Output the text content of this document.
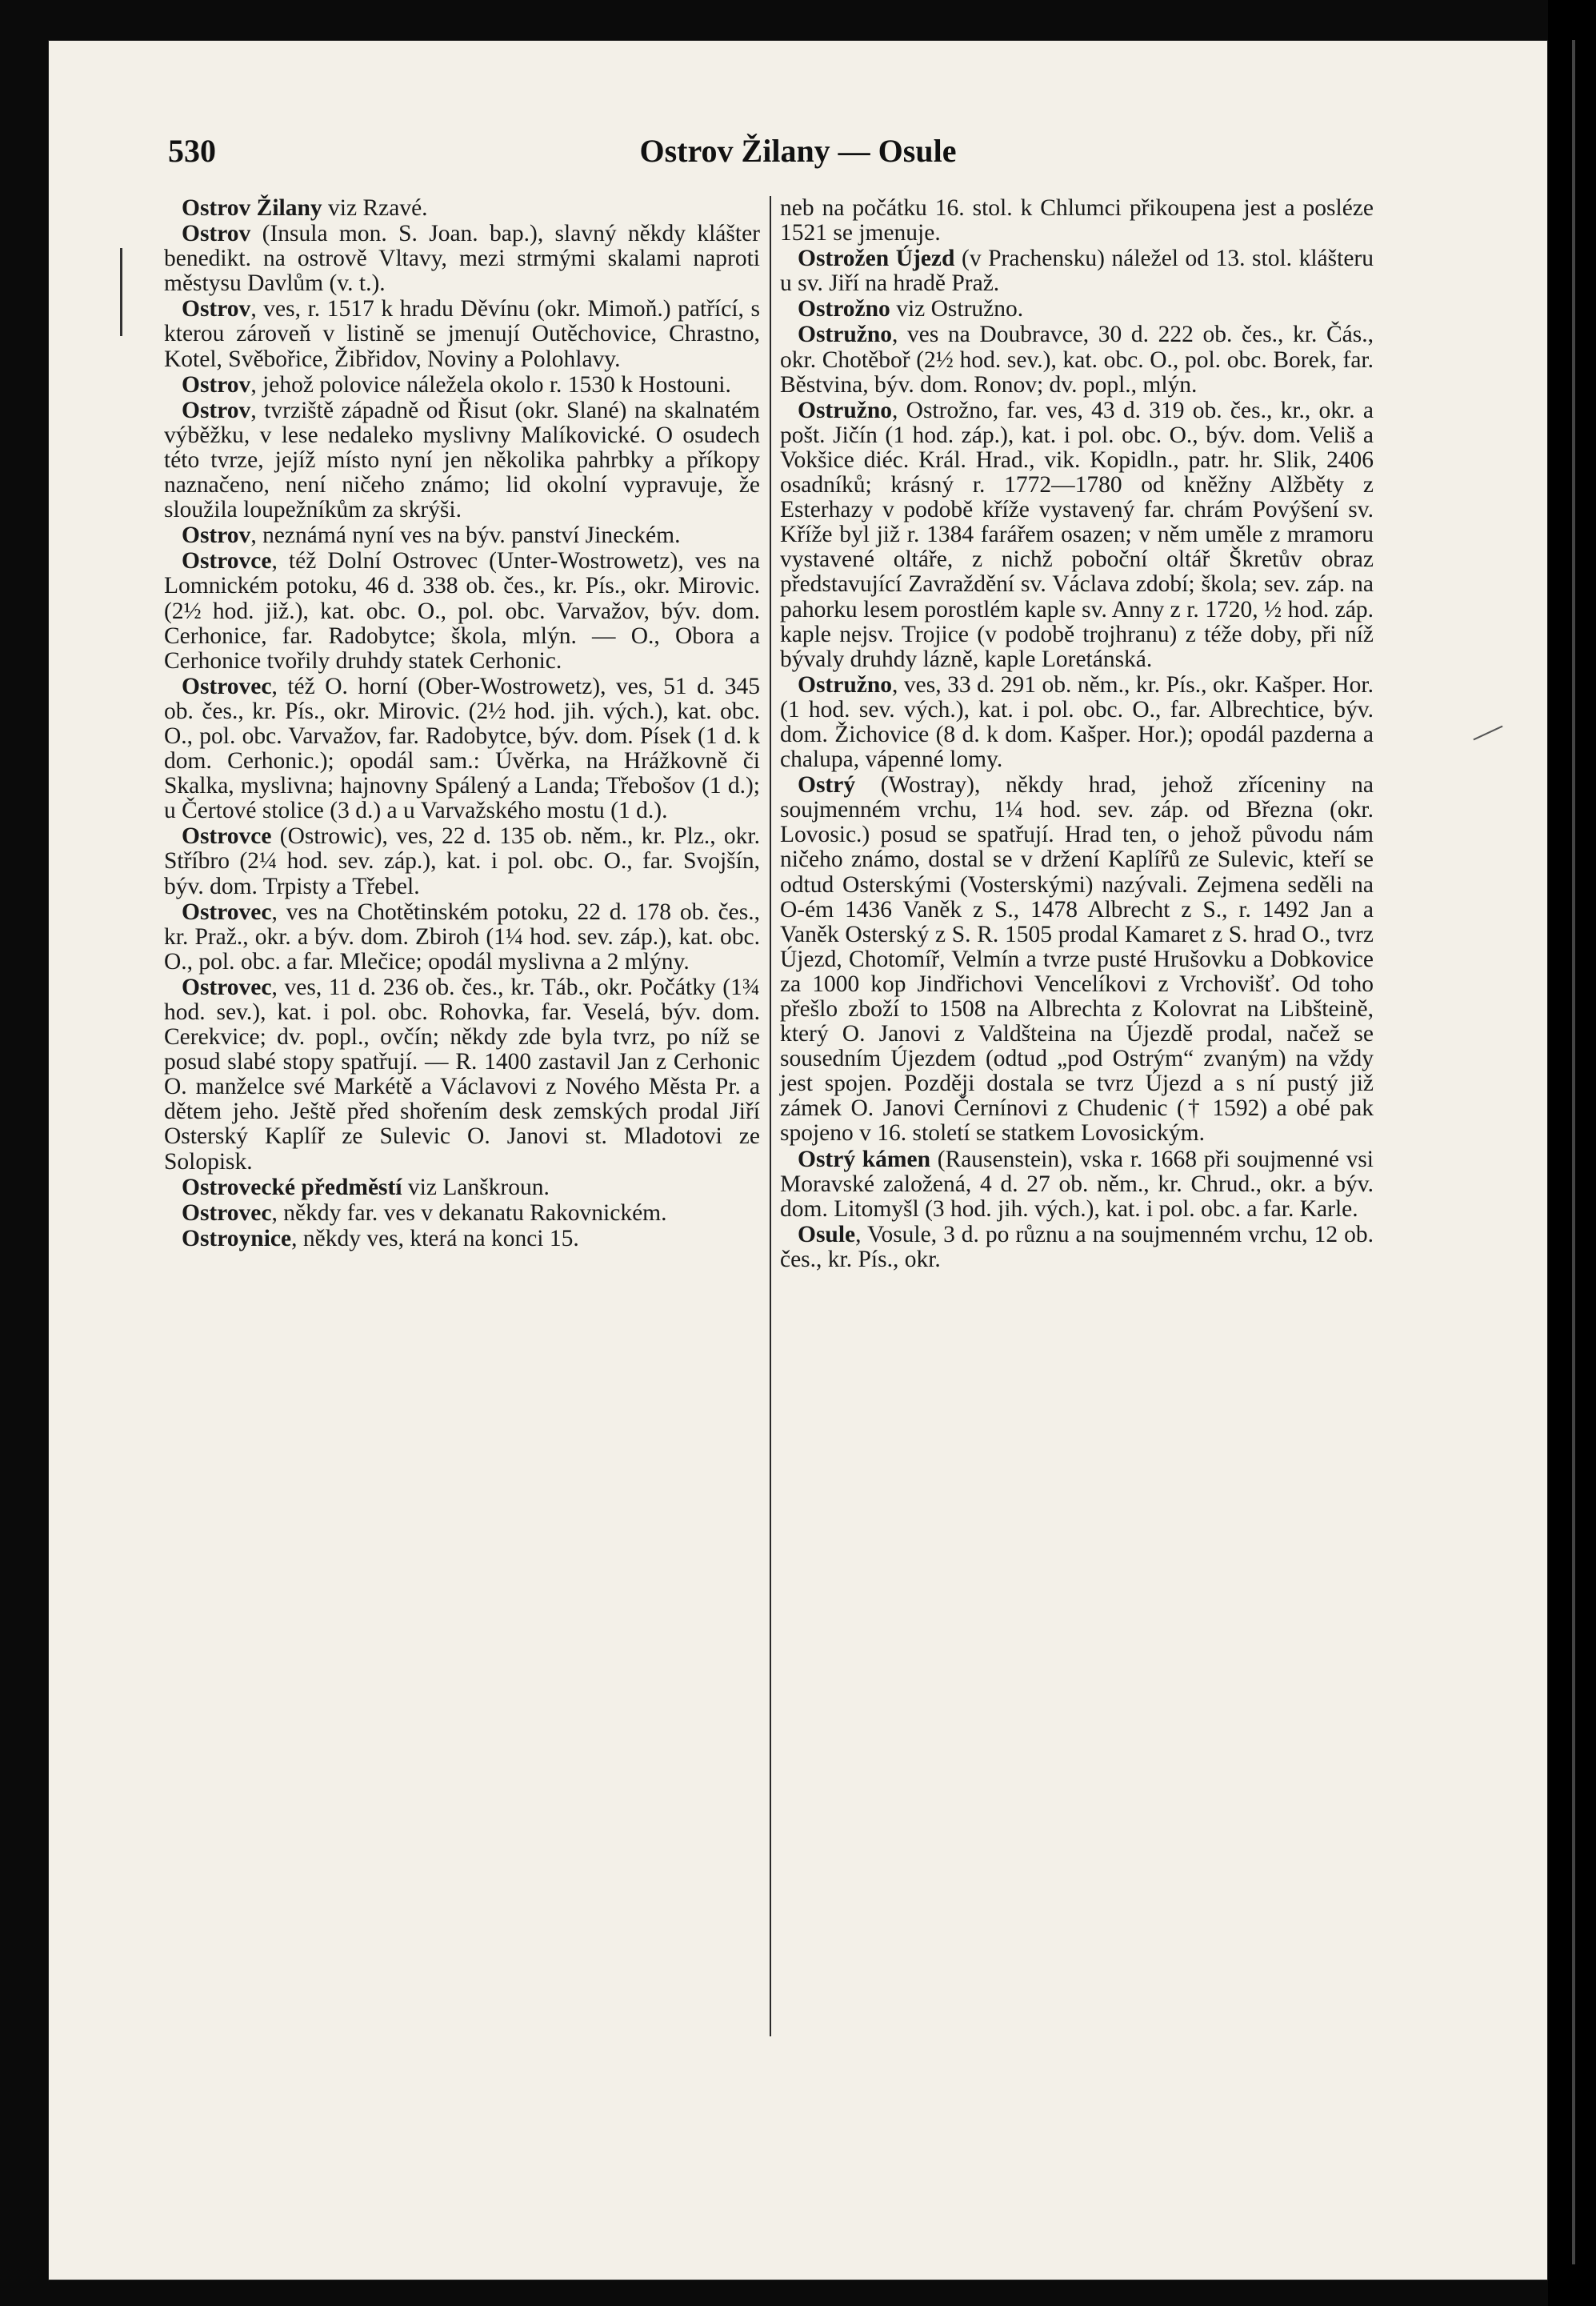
530	Ostrov Žilany — Osule

Ostrov Žilany viz Rzavé.

Ostrov (Insula mon. S. Joan. bap.), slavný někdy klášter benedikt. na ostrově Vltavy, mezi strmými skalami naproti městysu Davlům (v. t.).

Ostrov, ves, r. 1517 k hradu Děvínu (okr. Mimoň.) patřící, s kterou zároveň v listině se jmenují Outěchovice, Chrastno, Kotel, Svěbořice, Žibřidov, Noviny a Polohlavy.

Ostrov, jehož polovice náležela okolo r. 1530 k Hostouni.

Ostrov, tvrziště západně od Řisut (okr. Slané) na skalnatém výběžku, v lese nedaleko myslivny Malíkovické. O osudech této tvrze, jejíž místo nyní jen několika pahrbky a příkopy naznačeno, není ničeho známo; lid okolní vypravuje, že sloužila loupežníkům za skrýši.

Ostrov, neznámá nyní ves na býv. panství Jineckém.

Ostrovce, též Dolní Ostrovec (Unter-Wostrowetz), ves na Lomnickém potoku, 46 d. 338 ob. čes., kr. Pís., okr. Mirovic. (2½ hod. již.), kat. obc. O., pol. obc. Varvažov, býv. dom. Cerhonice, far. Radobytce; škola, mlýn. — O., Obora a Cerhonice tvořily druhdy statek Cerhonic.

Ostrovec, též O. horní (Ober-Wostrowetz), ves, 51 d. 345 ob. čes., kr. Pís., okr. Mirovic. (2½ hod. jih. vých.), kat. obc. O., pol. obc. Varvažov, far. Radobytce, býv. dom. Písek (1 d. k dom. Cerhonic.); opodál sam.: Úvěrka, na Hrážkovně či Skalka, myslivna; hajnovny Spálený a Landa; Třebošov (1 d.); u Čertové stolice (3 d.) a u Varvažského mostu (1 d.).

Ostrovce (Ostrowic), ves, 22 d. 135 ob. něm., kr. Plz., okr. Stříbro (2¼ hod. sev. záp.), kat. i pol. obc. O., far. Svojšín, býv. dom. Trpisty a Třebel.

Ostrovec, ves na Chotětinském potoku, 22 d. 178 ob. čes., kr. Praž., okr. a býv. dom. Zbiroh (1¼ hod. sev. záp.), kat. obc. O., pol. obc. a far. Mlečice; opodál myslivna a 2 mlýny.

Ostrovec, ves, 11 d. 236 ob. čes., kr. Táb., okr. Počátky (1¾ hod. sev.), kat. i pol. obc. Rohovka, far. Veselá, býv. dom. Cerekvice; dv. popl., ovčín; někdy zde byla tvrz, po níž se posud slabé stopy spatřují. — R. 1400 zastavil Jan z Cerhonic O. manželce své Markétě a Václavovi z Nového Města Pr. a dětem jeho. Ještě před shořením desk zemských prodal Jiří Osterský Kaplíř ze Sulevic O. Janovi st. Mladotovi ze Solopisk.

Ostrovecké předměstí viz Lanškroun.

Ostrovec, někdy far. ves v dekanatu Rakovnickém.

Ostroynice, někdy ves, která na konci 15.

neb na počátku 16. stol. k Chlumci přikoupena jest a posléze 1521 se jmenuje.

Ostrožen Újezd (v Prachensku) náležel od 13. stol. klášteru u sv. Jiří na hradě Praž.

Ostrožno viz Ostružno.

Ostružno, ves na Doubravce, 30 d. 222 ob. čes., kr. Čás., okr. Chotěboř (2½ hod. sev.), kat. obc. O., pol. obc. Borek, far. Běstvina, býv. dom. Ronov; dv. popl., mlýn.

Ostružno, Ostrožno, far. ves, 43 d. 319 ob. čes., kr., okr. a pošt. Jičín (1 hod. záp.), kat. i pol. obc. O., býv. dom. Veliš a Vokšice diéc. Král. Hrad., vik. Kopidln., patr. hr. Slik, 2406 osadníků; krásný r. 1772—1780 od kněžny Alžběty z Esterhazy v podobě kříže vystavený far. chrám Povýšení sv. Kříže byl již r. 1384 farářem osazen; v něm uměle z mramoru vystavené oltáře, z nichž poboční oltář Škretův obraz představující Zavraždění sv. Václava zdobí; škola; sev. záp. na pahorku lesem porostlém kaple sv. Anny z r. 1720, ½ hod. záp. kaple nejsv. Trojice (v podobě trojhranu) z téže doby, při níž bývaly druhdy lázně, kaple Loretánská.

Ostružno, ves, 33 d. 291 ob. něm., kr. Pís., okr. Kašper. Hor. (1 hod. sev. vých.), kat. i pol. obc. O., far. Albrechtice, býv. dom. Žichovice (8 d. k dom. Kašper. Hor.); opodál pazderna a chalupa, vápenné lomy.

Ostrý (Wostray), někdy hrad, jehož zříceniny na soujmenném vrchu, 1¼ hod. sev. záp. od Března (okr. Lovosic.) posud se spatřují. Hrad ten, o jehož původu nám ničeho známo, dostal se v držení Kaplířů ze Sulevic, kteří se odtud Osterskými (Vosterskými) nazývali. Zejmena seděli na O-ém 1436 Vaněk z S., 1478 Albrecht z S., r. 1492 Jan a Vaněk Osterský z S. R. 1505 prodal Kamaret z S. hrad O., tvrz Újezd, Chotomíř, Velmín a tvrze pusté Hrušovku a Dobkovice za 1000 kop Jindřichovi Vencelíkovi z Vrchovišť. Od toho přešlo zboží to 1508 na Albrechta z Kolovrat na Libšteině, který O. Janovi z Valdšteina na Újezdě prodal, načež se sousedním Újezdem (odtud „pod Ostrým“ zvaným) na vždy jest spojen. Později dostala se tvrz Újezd a s ní pustý již zámek O. Janovi Černínovi z Chudenic († 1592) a obé pak spojeno v 16. století se statkem Lovosickým.

Ostrý kámen (Rausenstein), vska r. 1668 při soujmenné vsi Moravské založená, 4 d. 27 ob. něm., kr. Chrud., okr. a býv. dom. Litomyšl (3 hod. jih. vých.), kat. i pol. obc. a far. Karle.

Osule, Vosule, 3 d. po různu a na soujmenném vrchu, 12 ob. čes., kr. Pís., okr.
